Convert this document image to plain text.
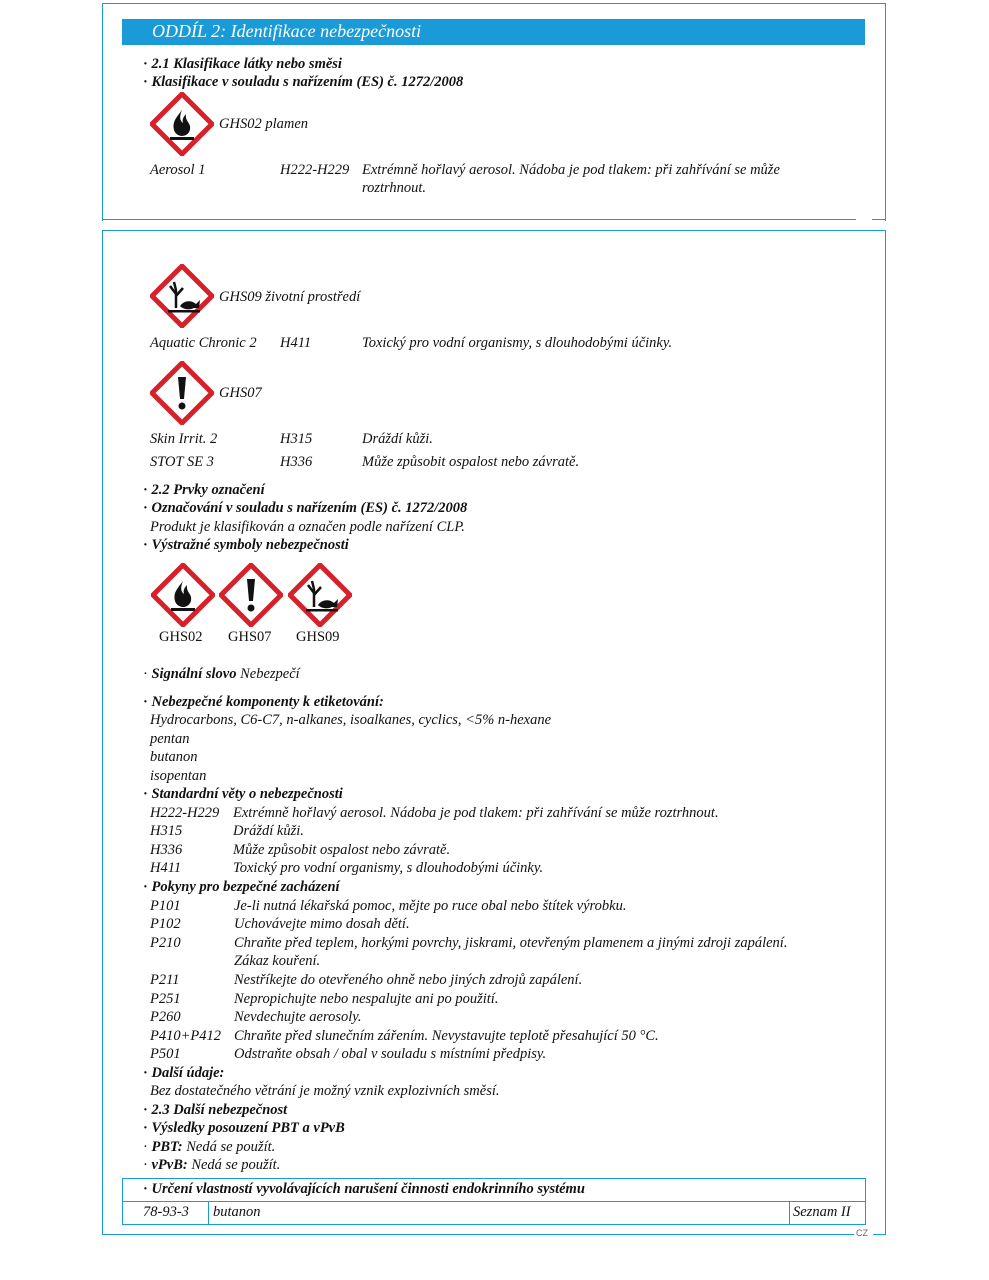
CZ
ODDÍL 2: Identifikace nebezpečnosti
· 2.1 Klasifikace látky nebo směsi
· Klasifikace v souladu s nařízením (ES) č. 1272/2008
GHS02 plamen
Aerosol 1	H222-H229 Extrémně hořlavý aerosol. Nádoba je pod tlakem: při zahřívání se může
roztrhnout.
GHS09 životní prostředí
Aquatic Chronic 2 H411	Toxický pro vodní organismy, s dlouhodobými účinky.
GHS07
Skin Irrit. 2	H315	Dráždí kůži.
STOT SE 3	H336	Může způsobit ospalost nebo závratě.
· 2.2 Prvky označení
· Označování v souladu s nařízením (ES) č. 1272/2008
Produkt je klasifikován a označen podle nařízení CLP.
· Výstražné symboly nebezpečnosti
GHS02 GHS07 GHS09
· Signální slovo Nebezpečí
· Nebezpečné komponenty k etiketování:
Hydrocarbons, C6-C7, n-alkanes, isoalkanes, cyclics, <5% n-hexane
pentan
butanon
isopentan
· Standardní věty o nebezpečnosti
H222-H229 Extrémně hořlavý aerosol. Nádoba je pod tlakem: při zahřívání se může roztrhnout.
H315	Dráždí kůži.
H336	Může způsobit ospalost nebo závratě.
H411	Toxický pro vodní organismy, s dlouhodobými účinky.
· Pokyny pro bezpečné zacházení
P101	Je-li nutná lékařská pomoc, mějte po ruce obal nebo štítek výrobku.
P102	Uchovávejte mimo dosah dětí.
P210	Chraňte před teplem, horkými povrchy, jiskrami, otevřeným plamenem a jinými zdroji zapálení.
Zákaz kouření.
P211	Nestříkejte do otevřeného ohně nebo jiných zdrojů zapálení.
P251	Nepropichujte nebo nespalujte ani po použití.
P260	Nevdechujte aerosoly.
P410+P412 Chraňte před slunečním zářením. Nevystavujte teplotě přesahující 50 °C.
P501	Odstraňte obsah / obal v souladu s místními předpisy.
· Další údaje:
Bez dostatečného větrání je možný vznik explozivních směsí.
· 2.3 Další nebezpečnost
· Výsledky posouzení PBT a vPvB
· PBT: Nedá se použít.
· vPvB: Nedá se použít.
· Určení vlastností vyvolávajících narušení činnosti endokrinního systému
78-93-3 butanon	Seznam II
